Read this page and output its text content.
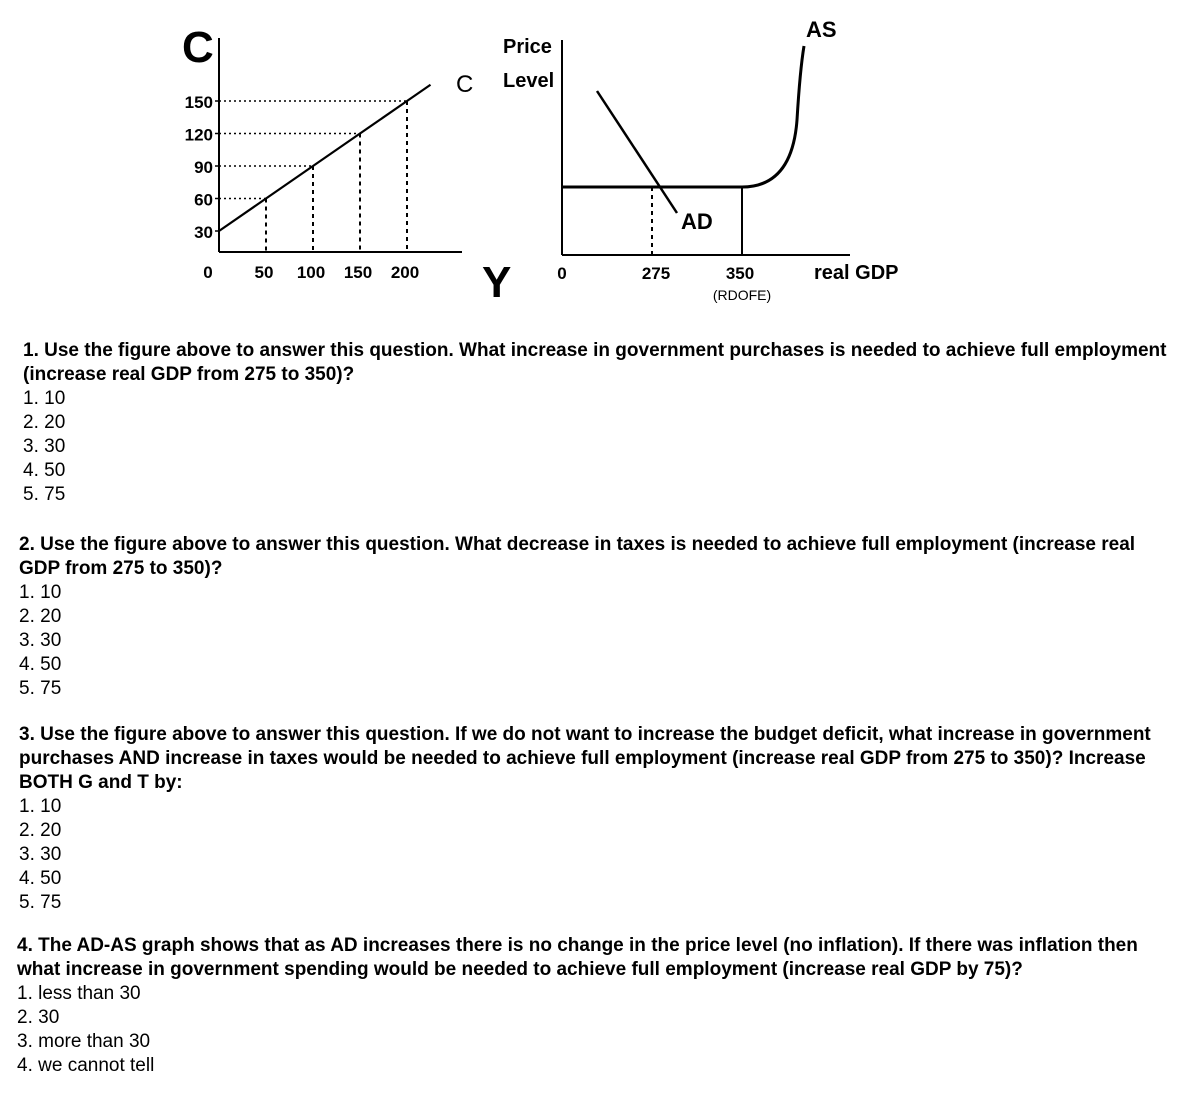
C
Y
C
0
30
60
90
120
150
50 100 150 200
Price
Level
real GDP
AS
AD
0	275	350
(RDOFE)

1. Use the figure above to answer this question. What increase in government purchases is needed to achieve full employment (increase real GDP from 275 to 350)?

1. 10
2. 20
3. 30
4. 50
5. 75

2. Use the figure above to answer this question. What decrease in taxes is needed to achieve full employment (increase real GDP from 275 to 350)?

1. 10
2. 20
3. 30
4. 50
5. 75

3. Use the figure above to answer this question. If we do not want to increase the budget deficit, what increase in government purchases AND increase in taxes would be needed to achieve full employment (increase real GDP from 275 to 350)? Increase BOTH G and T by:

1. 10
2. 20
3. 30
4. 50
5. 75

4. The AD-AS graph shows that as AD increases there is no change in the price level (no inflation). If there was inflation then what increase in government spending would be needed to achieve full employment (increase real GDP by 75)?

1. less than 30
2. 30
3. more than 30
4. we cannot tell
